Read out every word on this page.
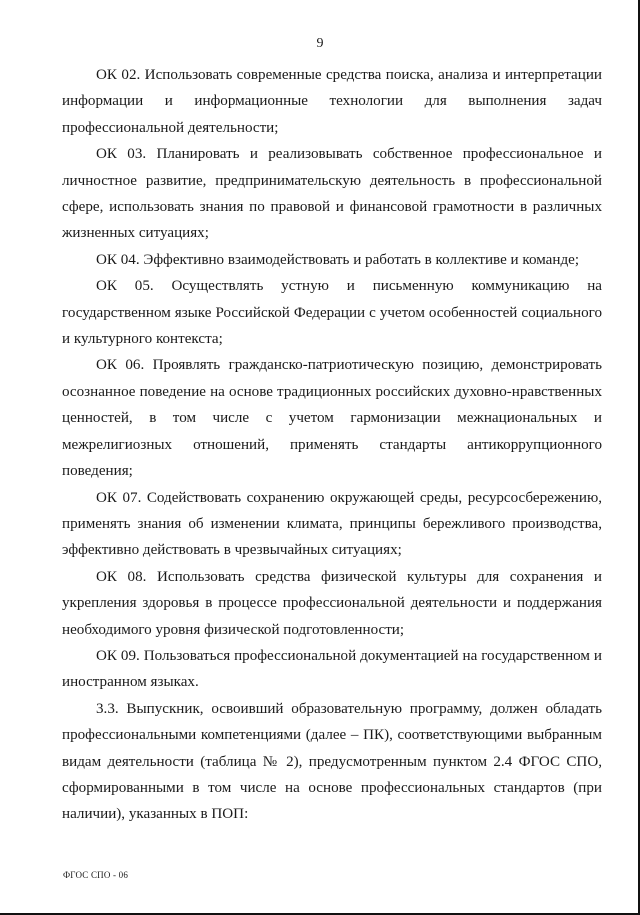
9

ОК 02. Использовать современные средства поиска, анализа и интерпретации информации и информационные технологии для выполнения задач профессиональной деятельности;

ОК 03. Планировать и реализовывать собственное профессиональное и личностное развитие, предпринимательскую деятельность в профессиональной сфере, использовать знания по правовой и финансовой грамотности в различных жизненных ситуациях;

ОК 04. Эффективно взаимодействовать и работать в коллективе и команде;

ОК 05. Осуществлять устную и письменную коммуникацию на государственном языке Российской Федерации с учетом особенностей социального и культурного контекста;

ОК 06. Проявлять гражданско-патриотическую позицию, демонстрировать осознанное поведение на основе традиционных российских духовно-нравственных ценностей, в том числе с учетом гармонизации межнациональных и межрелигиозных отношений, применять стандарты антикоррупционного поведения;

ОК 07. Содействовать сохранению окружающей среды, ресурсосбережению, применять знания об изменении климата, принципы бережливого производства, эффективно действовать в чрезвычайных ситуациях;

ОК 08. Использовать средства физической культуры для сохранения и укрепления здоровья в процессе профессиональной деятельности и поддержания необходимого уровня физической подготовленности;

ОК 09. Пользоваться профессиональной документацией на государственном и иностранном языках.

3.3. Выпускник, освоивший образовательную программу, должен обладать профессиональными компетенциями (далее – ПК), соответствующими выбранным видам деятельности (таблица № 2), предусмотренным пунктом 2.4 ФГОС СПО, сформированными в том числе на основе профессиональных стандартов (при наличии), указанных в ПОП:

ФГОС СПО - 06
